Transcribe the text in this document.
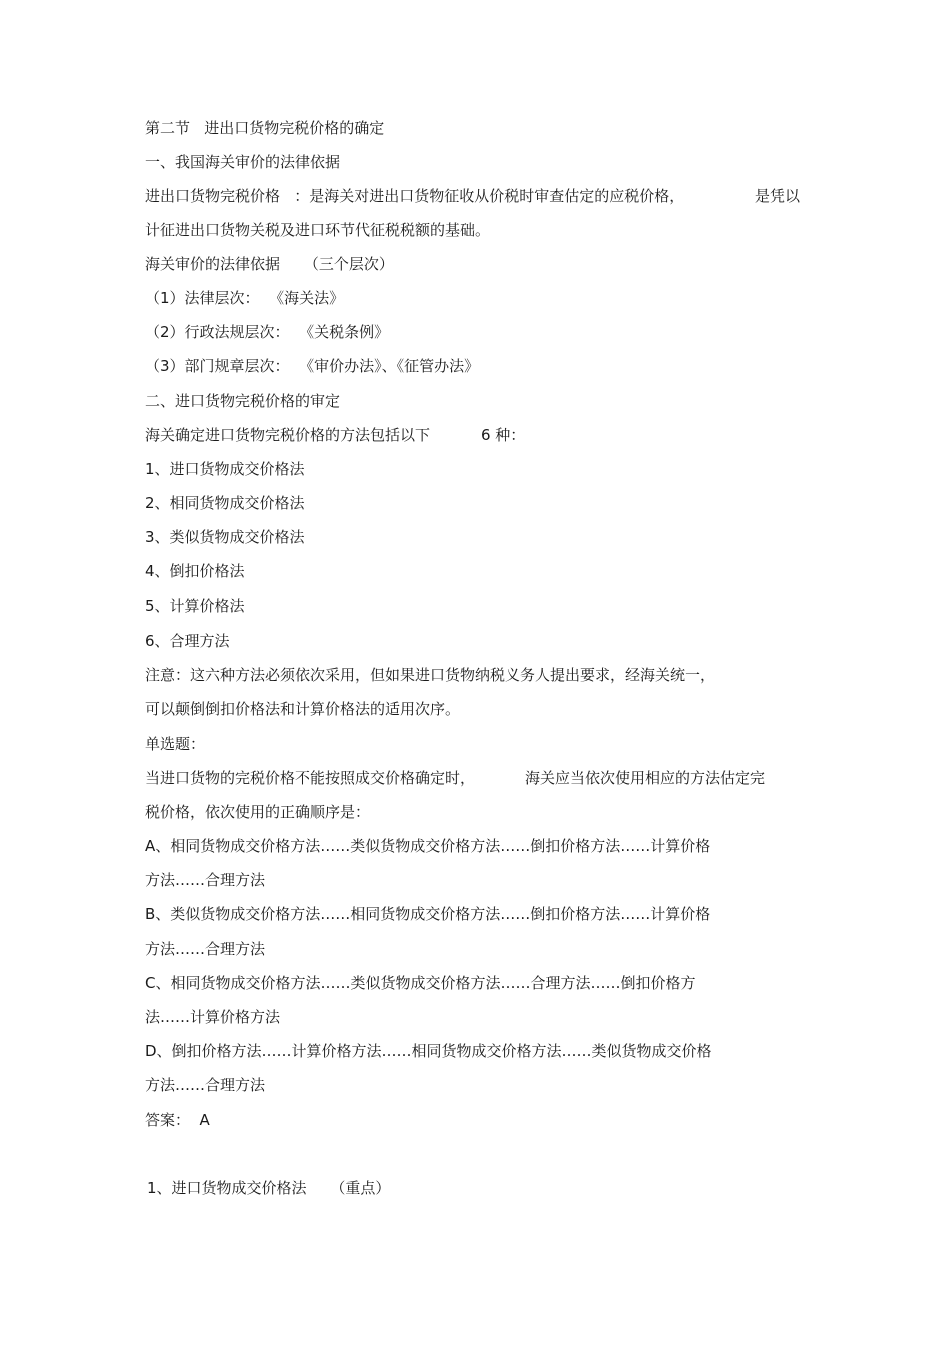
第二节   进出口货物完税价格的确定
一、我国海关审价的法律依据
进出口货物完税价格   ：是海关对进出口货物征收从价税时审查估定的应税价格，	是凭以
计征进出口货物关税及进口环节代征税税额的基础。
海关审价的法律依据     （三个层次）
（1）法律层次：  《海关法》
（2）行政法规层次：  《关税条例》
（3）部门规章层次：  《审价办法》、《征管办法》
二、进口货物完税价格的审定
海关确定进口货物完税价格的方法包括以下	6 种：
1、进口货物成交价格法
2、相同货物成交价格法
3、类似货物成交价格法
4、倒扣价格法
5、计算价格法
6、合理方法
注意：这六种方法必须依次采用，但如果进口货物纳税义务人提出要求，经海关统一，
可以颠倒倒扣价格法和计算价格法的适用次序。
单选题：
当进口货物的完税价格不能按照成交价格确定时，	海关应当依次使用相应的方法估定完
税价格，依次使用的正确顺序是：
A、相同货物成交价格方法……类似货物成交价格方法……倒扣价格方法……计算价格
方法……合理方法
B、类似货物成交价格方法……相同货物成交价格方法……倒扣价格方法……计算价格
方法……合理方法
C、相同货物成交价格方法……类似货物成交价格方法……合理方法……倒扣价格方
法……计算价格方法
D、倒扣价格方法……计算价格方法……相同货物成交价格方法……类似货物成交价格
方法……合理方法
答案：  A
1、进口货物成交价格法     （重点）
